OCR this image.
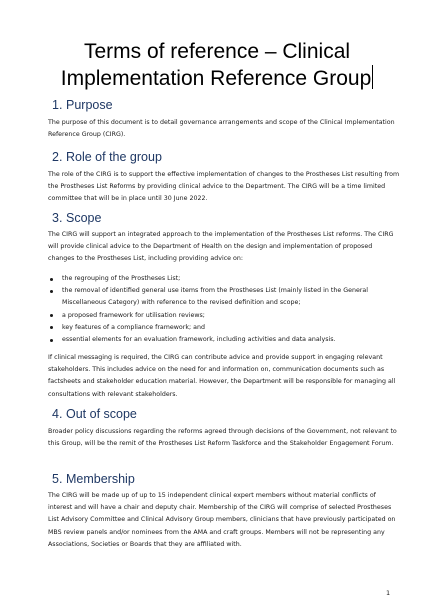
Terms of reference – Clinical
Implementation Reference Group
1. Purpose

The purpose of this document is to detail governance arrangements and scope of the Clinical Implementation Reference Group (CIRG).

2. Role of the group

The role of the CIRG is to support the effective implementation of changes to the Prostheses List resulting from the Prostheses List Reforms by providing clinical advice to the Department. The CIRG will be a time limited committee that will be in place until 30 June 2022.

3. Scope

The CIRG will support an integrated approach to the implementation of the Prostheses List reforms. The CIRG will provide clinical advice to the Department of Health on the design and implementation of proposed changes to the Prostheses List, including providing advice on:

the regrouping of the Prostheses List;
the removal of identified general use items from the Prostheses List (mainly listed in the General Miscellaneous Category) with reference to the revised definition and scope;
a proposed framework for utilisation reviews;
key features of a compliance framework; and
essential elements for an evaluation framework, including activities and data analysis.

If clinical messaging is required, the CIRG can contribute advice and provide support in engaging relevant stakeholders. This includes advice on the need for and information on, communication documents such as factsheets and stakeholder education material. However, the Department will be responsible for managing all consultations with relevant stakeholders.

4. Out of scope

Broader policy discussions regarding the reforms agreed through decisions of the Government, not relevant to this Group, will be the remit of the Prostheses List Reform Taskforce and the Stakeholder Engagement Forum.

5. Membership

The CIRG will be made up of up to 15 independent clinical expert members without material conflicts of interest and will have a chair and deputy chair. Membership of the CIRG will comprise of selected Prostheses List Advisory Committee and Clinical Advisory Group members, clinicians that have previously participated on MBS review panels and/or nominees from the AMA and craft groups. Members will not be representing any Associations, Societies or Boards that they are affiliated with.

1
